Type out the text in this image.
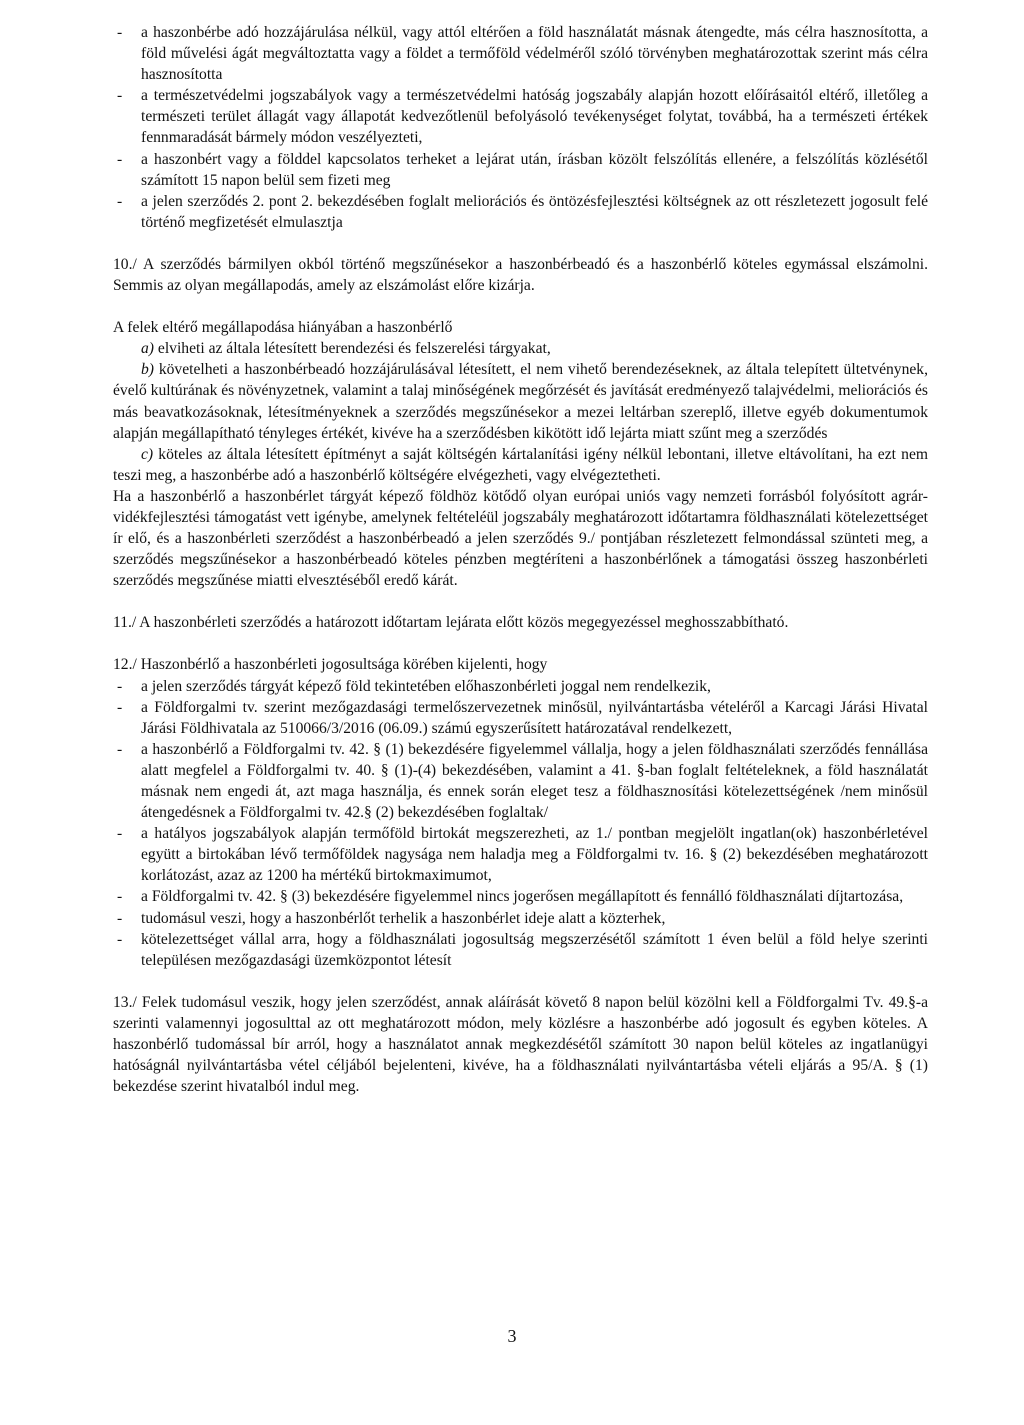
- a haszonbérbe adó hozzájárulása nélkül, vagy attól eltérően a föld használatát másnak átengedte, más célra hasznosította, a föld művelési ágát megváltoztatta vagy a földet a termőföld védelméről szóló törvényben meghatározottak szerint más célra hasznosította
- a természetvédelmi jogszabályok vagy a természetvédelmi hatóság jogszabály alapján hozott előírásaitól eltérő, illetőleg a természeti terület állagát vagy állapotát kedvezőtlenül befolyásoló tevékenységet folytat, továbbá, ha a természeti értékek fennmaradását bármely módon veszélyezteti,
- a haszonbért vagy a földdel kapcsolatos terheket a lejárat után, írásban közölt felszólítás ellenére, a felszólítás közlésétől számított 15 napon belül sem fizeti meg
- a jelen szerződés 2. pont 2. bekezdésében foglalt meliorációs és öntözésfejlesztési költségnek az ott részletezett jogosult felé történő megfizetését elmulasztja

10./ A szerződés bármilyen okból történő megszűnésekor a haszonbérbeadó és a haszonbérlő köteles egymással elszámolni. Semmis az olyan megállapodás, amely az elszámolást előre kizárja.

A felek eltérő megállapodása hiányában a haszonbérlő

a) elviheti az általa létesített berendezési és felszerelési tárgyakat,

b) követelheti a haszonbérbeadó hozzájárulásával létesített, el nem vihető berendezéseknek, az általa telepített ültetvénynek, évelő kultúrának és növényzetnek, valamint a talaj minőségének megőrzését és javítását eredményező talajvédelmi, meliorációs és más beavatkozásoknak, létesítményeknek a szerződés megszűnésekor a mezei leltárban szereplő, illetve egyéb dokumentumok alapján megállapítható tényleges értékét, kivéve ha a szerződésben kikötött idő lejárta miatt szűnt meg a szerződés

c) köteles az általa létesített építményt a saját költségén kártalanítási igény nélkül lebontani, illetve eltávolítani, ha ezt nem teszi meg, a haszonbérbe adó a haszonbérlő költségére elvégezheti, vagy elvégeztetheti.

Ha a haszonbérlő a haszonbérlet tárgyát képező földhöz kötődő olyan európai uniós vagy nemzeti forrásból folyósított agrár-vidékfejlesztési támogatást vett igénybe, amelynek feltételéül jogszabály meghatározott időtartamra földhasználati kötelezettséget ír elő, és a haszonbérleti szerződést a haszonbérbeadó a jelen szerződés 9./ pontjában részletezett felmondással szünteti meg, a szerződés megszűnésekor a haszonbérbeadó köteles pénzben megtéríteni a haszonbérlőnek a támogatási összeg haszonbérleti szerződés megszűnése miatti elvesztéséből eredő kárát.

11./ A haszonbérleti szerződés a határozott időtartam lejárata előtt közös megegyezéssel meghosszabbítható.

12./ Haszonbérlő a haszonbérleti jogosultsága körében kijelenti, hogy

- a jelen szerződés tárgyát képező föld tekintetében előhaszonbérleti joggal nem rendelkezik,
- a Földforgalmi tv. szerint mezőgazdasági termelőszervezetnek minősül, nyilvántartásba vételéről a Karcagi Járási Hivatal Járási Földhivatala az 510066/3/2016 (06.09.) számú egyszerűsített határozatával rendelkezett,
- a haszonbérlő a Földforgalmi tv. 42. § (1) bekezdésére figyelemmel vállalja, hogy a jelen földhasználati szerződés fennállása alatt megfelel a Földforgalmi tv. 40. § (1)-(4) bekezdésében, valamint a 41. §-ban foglalt feltételeknek, a föld használatát másnak nem engedi át, azt maga használja, és ennek során eleget tesz a földhasznosítási kötelezettségének /nem minősül átengedésnek a Földforgalmi tv. 42.§ (2) bekezdésében foglaltak/
- a hatályos jogszabályok alapján termőföld birtokát megszerezheti, az 1./ pontban megjelölt ingatlan(ok) haszonbérletével együtt a birtokában lévő termőföldek nagysága nem haladja meg a Földforgalmi tv. 16. § (2) bekezdésében meghatározott korlátozást, azaz az 1200 ha mértékű birtokmaximumot,
- a Földforgalmi tv. 42. § (3) bekezdésére figyelemmel nincs jogerősen megállapított és fennálló földhasználati díjtartozása,
- tudomásul veszi, hogy a haszonbérlőt terhelik a haszonbérlet ideje alatt a közterhek,
- kötelezettséget vállal arra, hogy a földhasználati jogosultság megszerzésétől számított 1 éven belül a föld helye szerinti településen mezőgazdasági üzemközpontot létesít

13./ Felek tudomásul veszik, hogy jelen szerződést, annak aláírását követő 8 napon belül közölni kell a Földforgalmi Tv. 49.§-a szerinti valamennyi jogosulttal az ott meghatározott módon, mely közlésre a haszonbérbe adó jogosult és egyben köteles. A haszonbérlő tudomással bír arról, hogy a használatot annak megkezdésétől számított 30 napon belül köteles az ingatlanügyi hatóságnál nyilvántartásba vétel céljából bejelenteni, kivéve, ha a földhasználati nyilvántartásba vételi eljárás a 95/A. § (1) bekezdése szerint hivatalból indul meg.

3
